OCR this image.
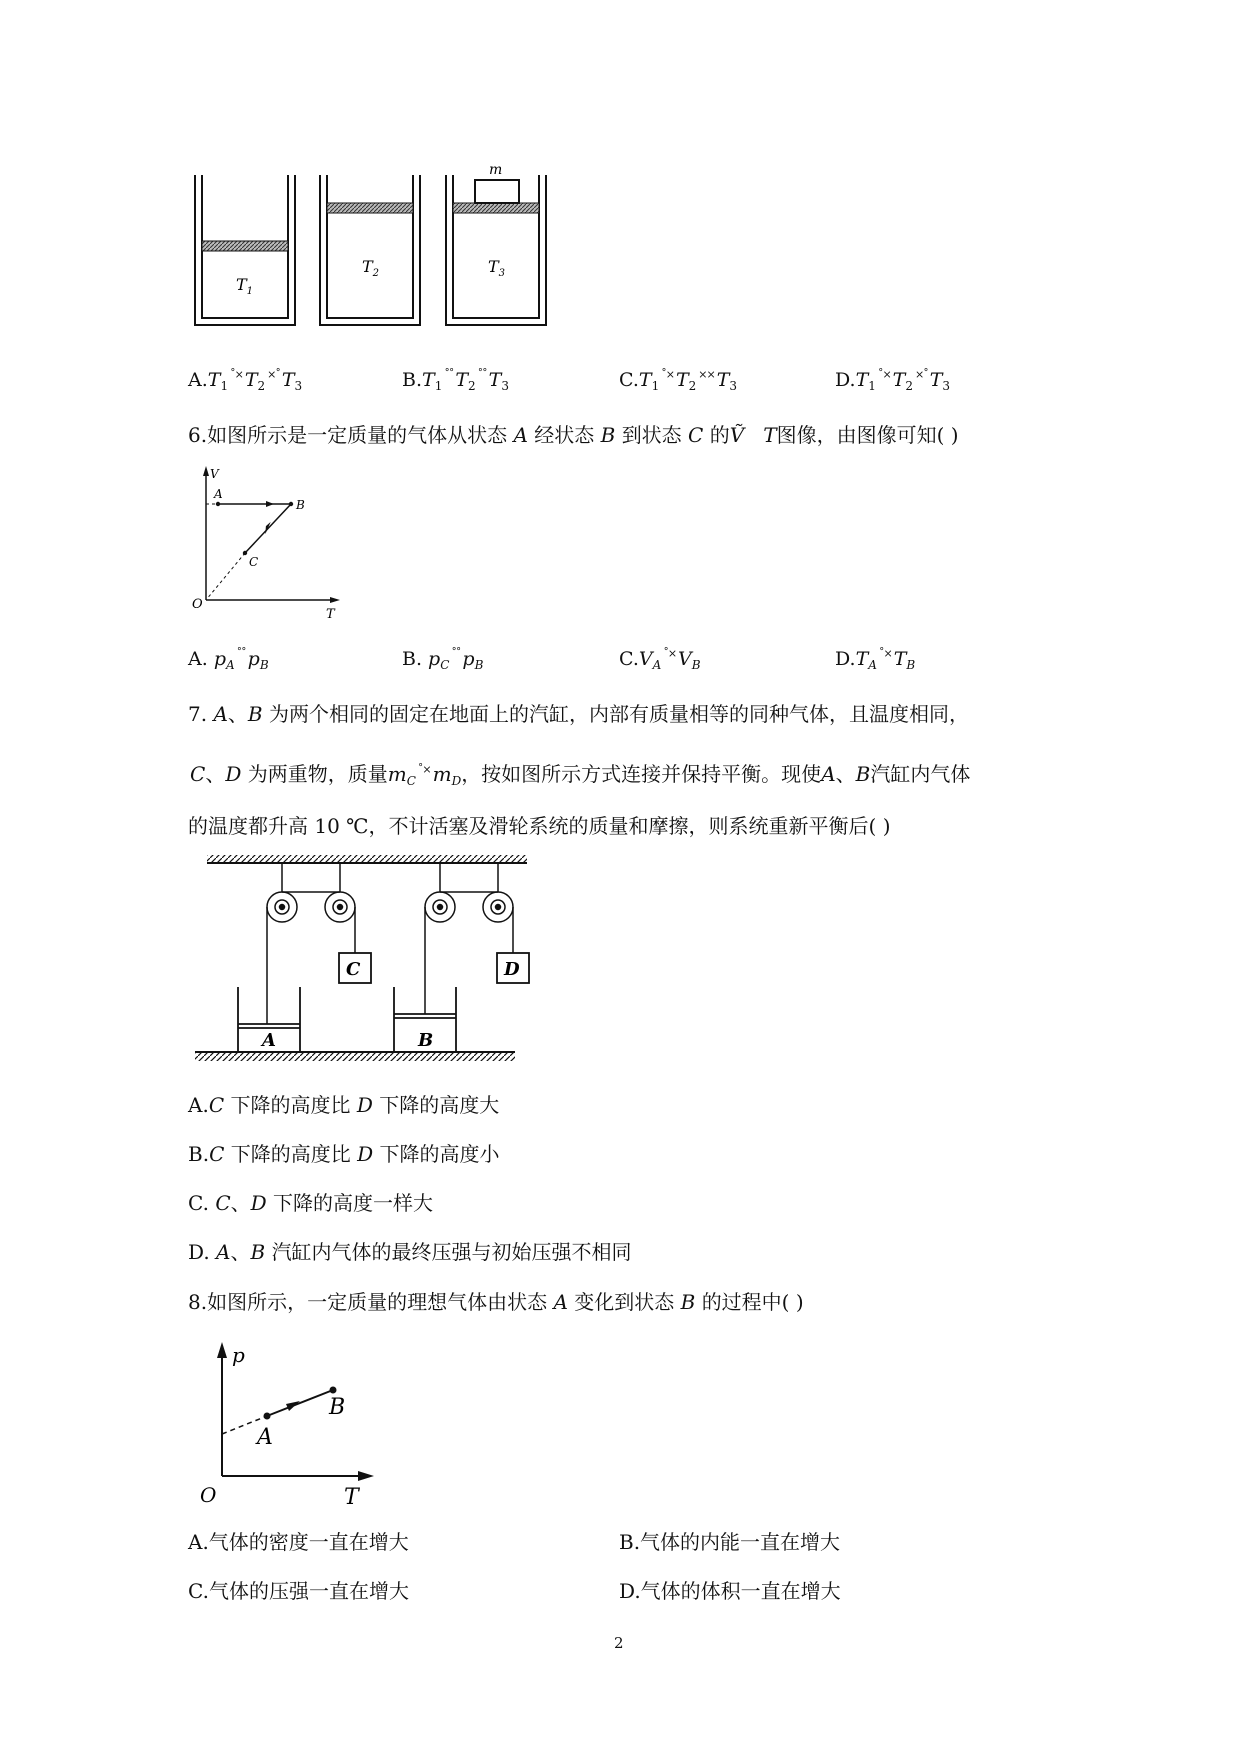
m
$T_1$
$T_2$	$T_3$
$A.T_1^{˚\times}$ $T_2^{\times˚}$ $T_3$	$B.T_1^{˚˚}$ $T_2^{˚˚}$ $T_3$	$C.T_1^{˚\times}$ $T_2^{\times\times}$ $T_3$	$D.T_1^{˚\times}$ $T_2^{\times˚}$ $T_3$
6.如图所示是一定质量的气体从状态 A 经状态 B 到状态 C 的Ṽ T图像，由图像可知( )
V
T
O
A
B
C
A. $p_A^{˚˚}$ $p_B$	B. $p_C^{˚˚}$ $p_B$	$C.V_A^{˚\times}$ $V_B$	$D.T_A^{˚\times}$ $T_B$
7. A、B 为两个相同的固定在地面上的汽缸，内部有质量相等的同种气体，且温度相同，
C、D 为两重物，质量$m_C^{˚\times}$ $m_D$，按如图所示方式连接并保持平衡。现使A、B汽缸内气体
的温度都升高 10 ℃，不计活塞及滑轮系统的质量和摩擦，则系统重新平衡后( )
C	D
A	B
A.C 下降的高度比 D 下降的高度大
B.C 下降的高度比 D 下降的高度小
C. C、D 下降的高度一样大
D. A、B 汽缸内气体的最终压强与初始压强不相同
8.如图所示，一定质量的理想气体由状态 A 变化到状态 B 的过程中( )
p
T
O
A
B
A.气体的密度一直在增大	B.气体的内能一直在增大
C.气体的压强一直在增大	D.气体的体积一直在增大
2
